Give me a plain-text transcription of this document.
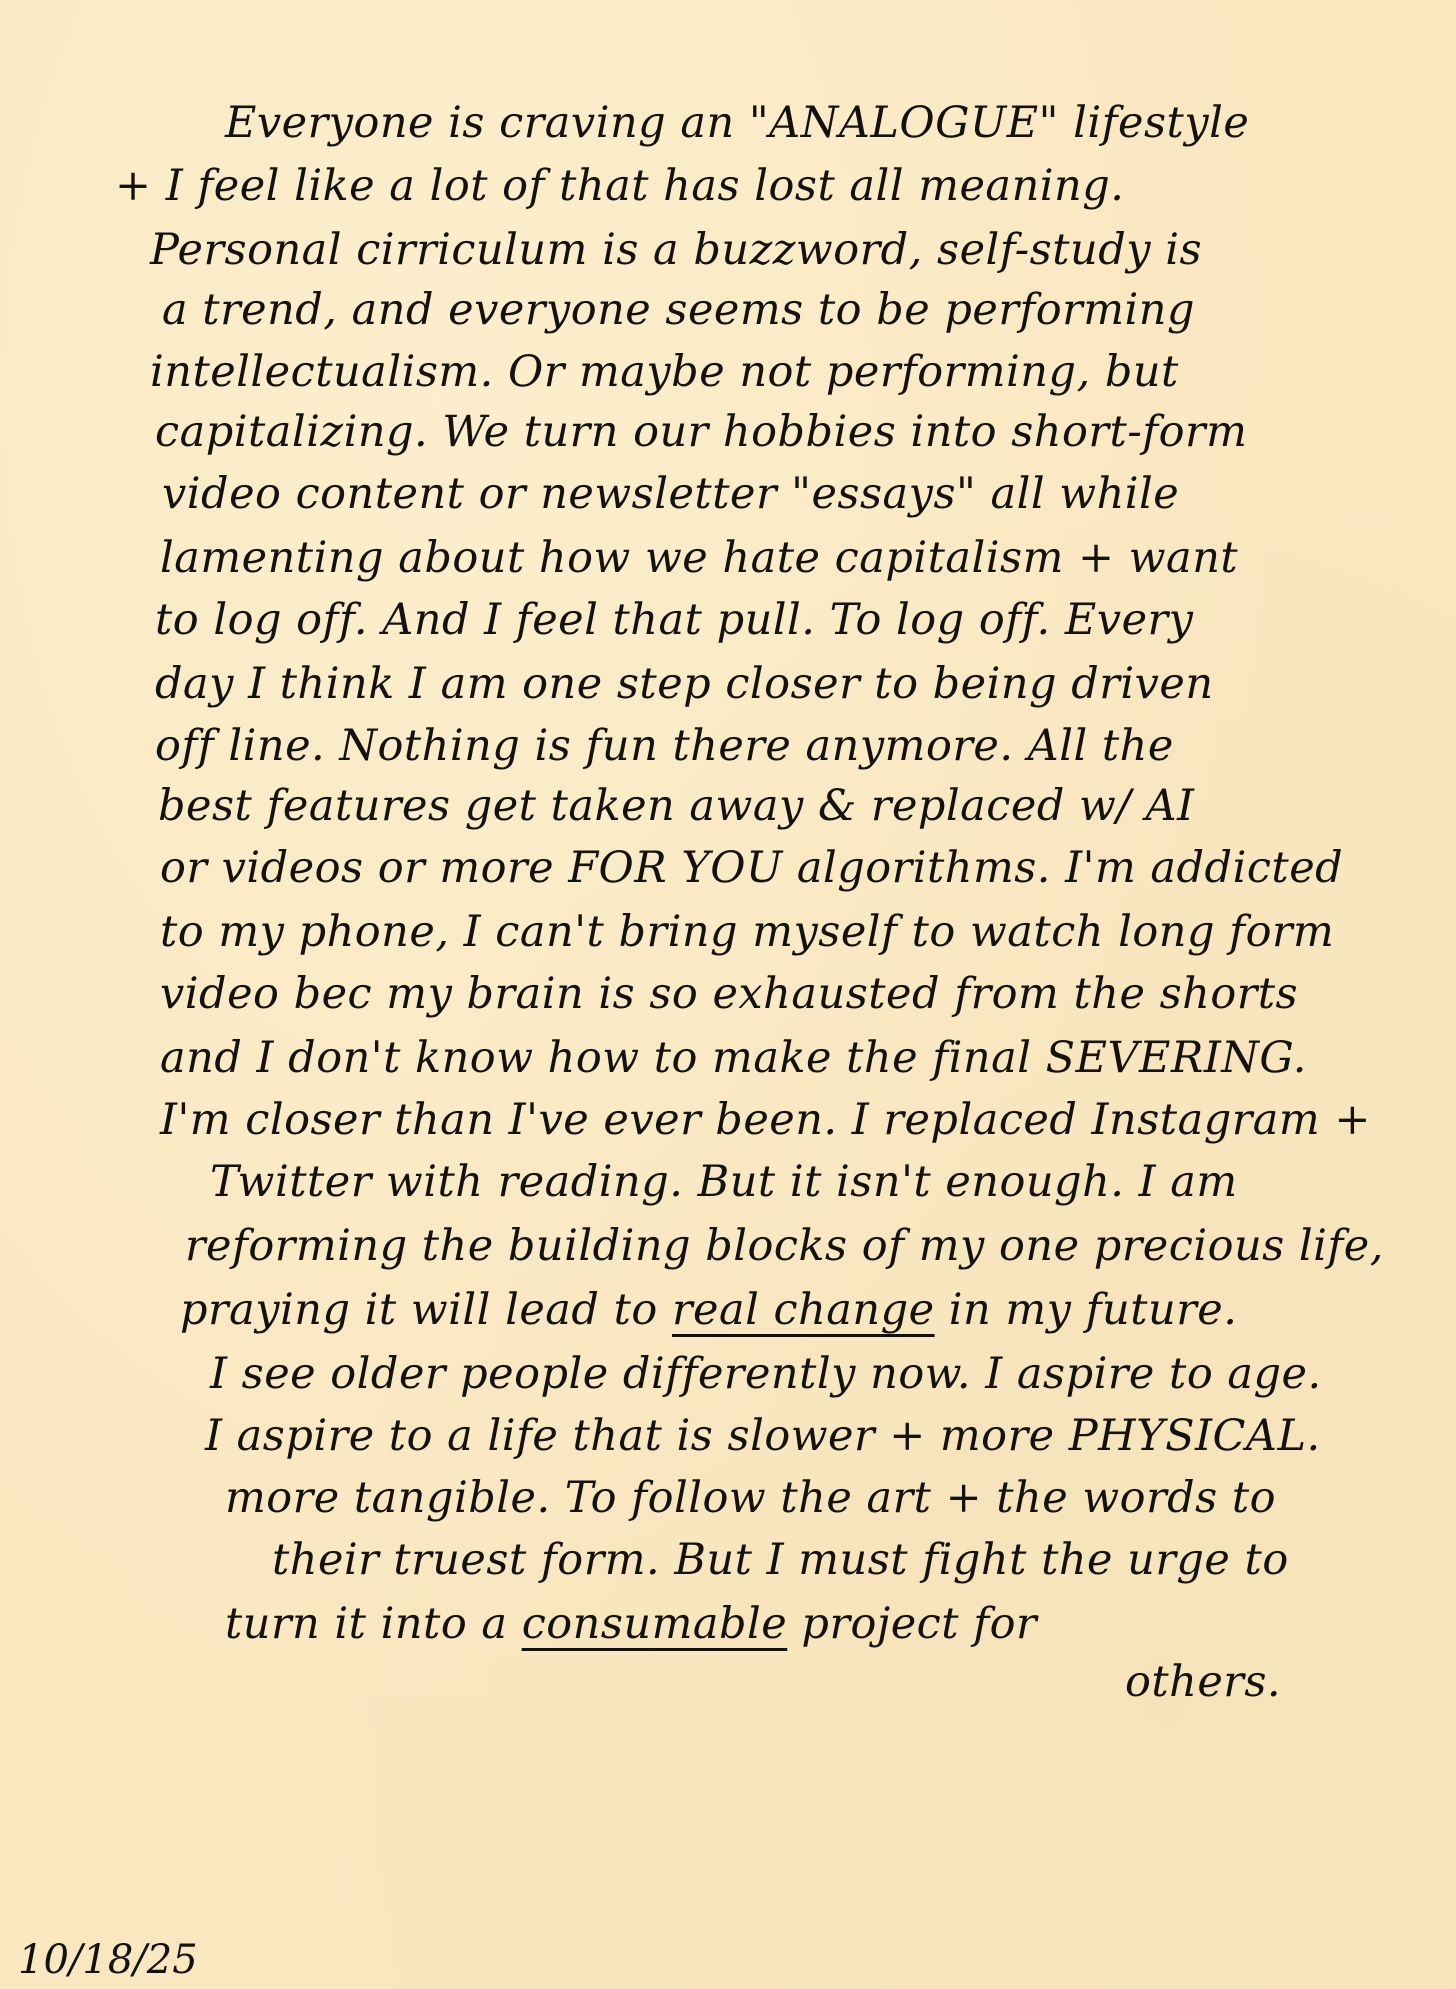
Everyone is craving an "ANALOGUE" lifestyle
+ I feel like a lot of that has lost all meaning.
Personal cirriculum is a buzzword, self-study is
a trend, and everyone seems to be performing
intellectualism. Or maybe not performing, but
capitalizing. We turn our hobbies into short-form
video content or newsletter "essays" all while
lamenting about how we hate capitalism + want
to log off. And I feel that pull. To log off. Every
day I think I am one step closer to being driven
off line. Nothing is fun there anymore. All the
best features get taken away & replaced w/ AI
or videos or more FOR YOU algorithms. I'm addicted
to my phone, I can't bring myself to watch long form
video bec my brain is so exhausted from the shorts
and I don't know how to make the final SEVERING.
I'm closer than I've ever been. I replaced Instagram +
Twitter with reading. But it isn't enough. I am
reforming the building blocks of my one precious life,
praying it will lead to real change in my future.
I see older people differently now. I aspire to age.
I aspire to a life that is slower + more PHYSICAL.
more tangible. To follow the art + the words to
their truest form. But I must fight the urge to
turn it into a consumable project for
others.
10/18/25
